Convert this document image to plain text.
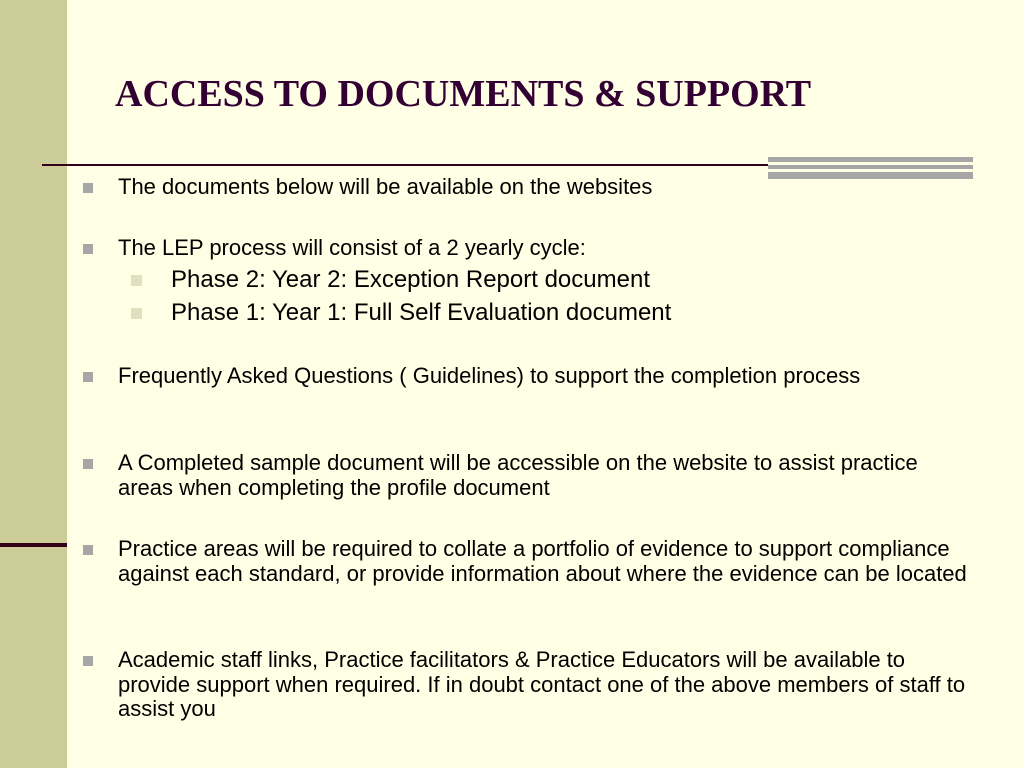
ACCESS TO DOCUMENTS & SUPPORT
The documents below will be available on the websites
The LEP process will consist of a 2 yearly cycle:
Phase 2: Year 2: Exception Report document
Phase 1: Year 1: Full Self Evaluation document
Frequently Asked Questions ( Guidelines) to support the completion process
A Completed sample document will be accessible on the website to assist practice areas when completing the profile document
Practice areas will be required to collate a portfolio of evidence to support compliance against each standard, or provide information about where the evidence can be located
Academic staff links, Practice facilitators & Practice Educators will be available to provide support when required. If in doubt contact one of the above members of staff to assist you
